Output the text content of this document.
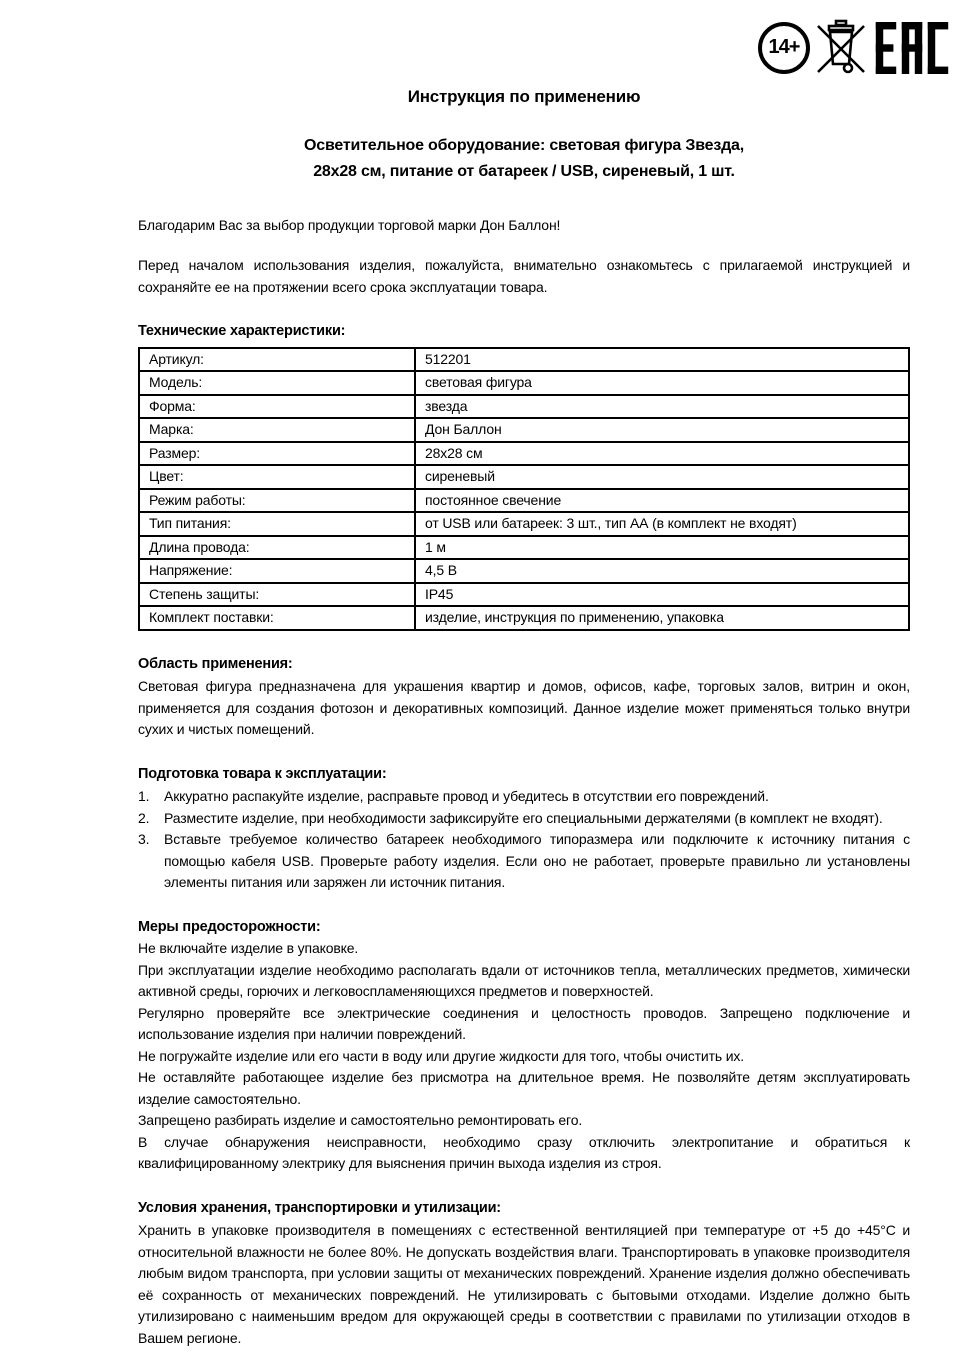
14+
Инструкция по применению
Осветительное оборудование: световая фигура Звезда,
28х28 см, питание от батареек / USB, сиреневый, 1 шт.

Благодарим Вас за выбор продукции торговой марки Дон Баллон!

Перед началом использования изделия, пожалуйста, внимательно ознакомьтесь с прилагаемой инструкцией и сохраняйте ее на протяжении всего срока эксплуатации товара.

Технические характеристики:
Артикул:	512201
Модель:	световая фигура
Форма:	звезда
Марка:	Дон Баллон
Размер:	28х28 см
Цвет:	сиреневый
Режим работы:	постоянное свечение
Тип питания:	от USB или батареек: 3 шт., тип АА (в комплект не входят)
Длина провода:	1 м
Напряжение:	4,5 В
Степень защиты:	IP45
Комплект поставки:	изделие, инструкция по применению, упаковка
Область применения:

Световая фигура предназначена для украшения квартир и домов, офисов, кафе, торговых залов, витрин и окон, применяется для создания фотозон и декоративных композиций. Данное изделие может применяться только внутри сухих и чистых помещений.

Подготовка товара к эксплуатации:
1.	Аккуратно распакуйте изделие, расправьте провод и убедитесь в отсутствии его повреждений.
2.	Разместите изделие, при необходимости зафиксируйте его специальными держателями (в комплект не входят).
3.	Вставьте требуемое количество батареек необходимого типоразмера или подключите к источнику питания с помощью кабеля USB. Проверьте работу изделия. Если оно не работает, проверьте правильно ли установлены элементы питания или заряжен ли источник питания.
Меры предосторожности:

Не включайте изделие в упаковке.

При эксплуатации изделие необходимо располагать вдали от источников тепла, металлических предметов, химически активной среды, горючих и легковоспламеняющихся предметов и поверхностей.

Регулярно проверяйте все электрические соединения и целостность проводов. Запрещено подключение и использование изделия при наличии повреждений.

Не погружайте изделие или его части в воду или другие жидкости для того, чтобы очистить их.

Не оставляйте работающее изделие без присмотра на длительное время. Не позволяйте детям эксплуатировать изделие самостоятельно.

Запрещено разбирать изделие и самостоятельно ремонтировать его.

В случае обнаружения неисправности, необходимо сразу отключить электропитание и обратиться к квалифицированному электрику для выяснения причин выхода изделия из строя.

Условия хранения, транспортировки и утилизации:

Хранить в упаковке производителя в помещениях с естественной вентиляцией при температуре от +5 до +45°С и относительной влажности не более 80%. Не допускать воздействия влаги. Транспортировать в упаковке производителя любым видом транспорта, при условии защиты от механических повреждений. Хранение изделия должно обеспечивать её сохранность от механических повреждений. Не утилизировать с бытовыми отходами. Изделие должно быть утилизировано с наименьшим вредом для окружающей среды в соответствии с правилами по утилизации отходов в Вашем регионе.
